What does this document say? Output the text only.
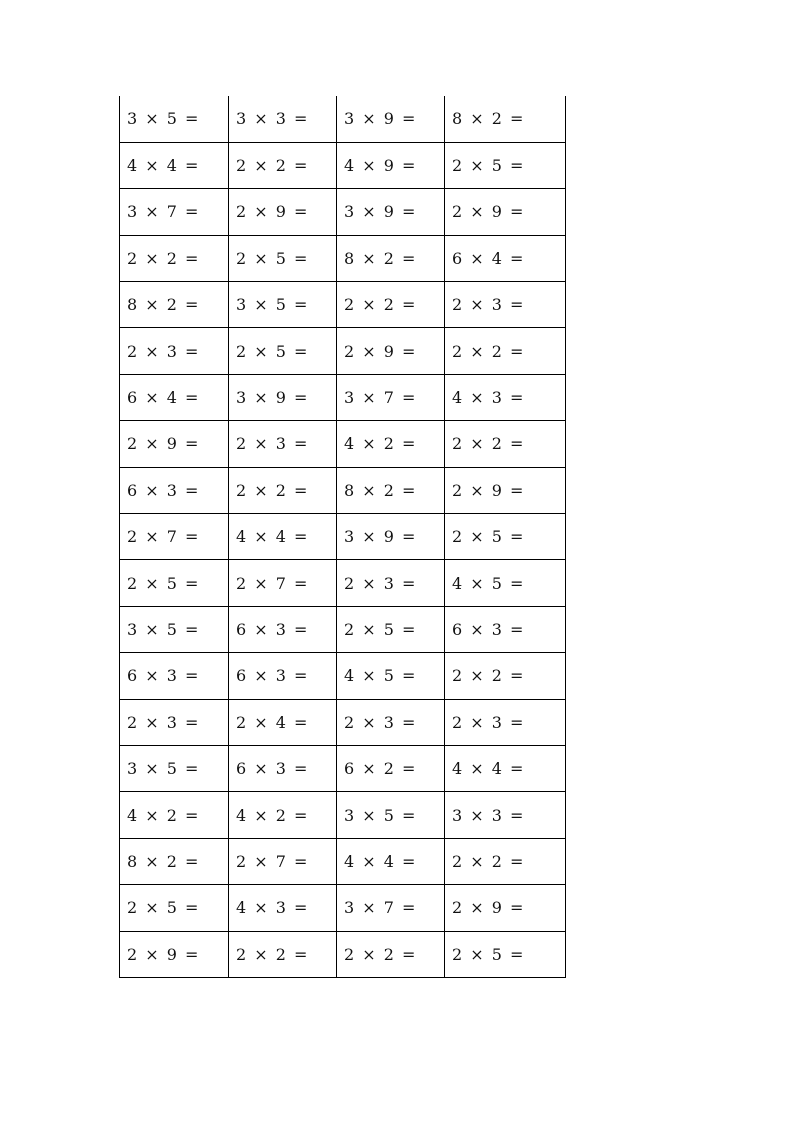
3 × 5 =	3 × 3 =	3 × 9 =	8 × 2 =
4 × 4 =	2 × 2 =	4 × 9 =	2 × 5 =
3 × 7 =	2 × 9 =	3 × 9 =	2 × 9 =
2 × 2 =	2 × 5 =	8 × 2 =	6 × 4 =
8 × 2 =	3 × 5 =	2 × 2 =	2 × 3 =
2 × 3 =	2 × 5 =	2 × 9 =	2 × 2 =
6 × 4 =	3 × 9 =	3 × 7 =	4 × 3 =
2 × 9 =	2 × 3 =	4 × 2 =	2 × 2 =
6 × 3 =	2 × 2 =	8 × 2 =	2 × 9 =
2 × 7 =	4 × 4 =	3 × 9 =	2 × 5 =
2 × 5 =	2 × 7 =	2 × 3 =	4 × 5 =
3 × 5 =	6 × 3 =	2 × 5 =	6 × 3 =
6 × 3 =	6 × 3 =	4 × 5 =	2 × 2 =
2 × 3 =	2 × 4 =	2 × 3 =	2 × 3 =
3 × 5 =	6 × 3 =	6 × 2 =	4 × 4 =
4 × 2 =	4 × 2 =	3 × 5 =	3 × 3 =
8 × 2 =	2 × 7 =	4 × 4 =	2 × 2 =
2 × 5 =	4 × 3 =	3 × 7 =	2 × 9 =
2 × 9 =	2 × 2 =	2 × 2 =	2 × 5 =
